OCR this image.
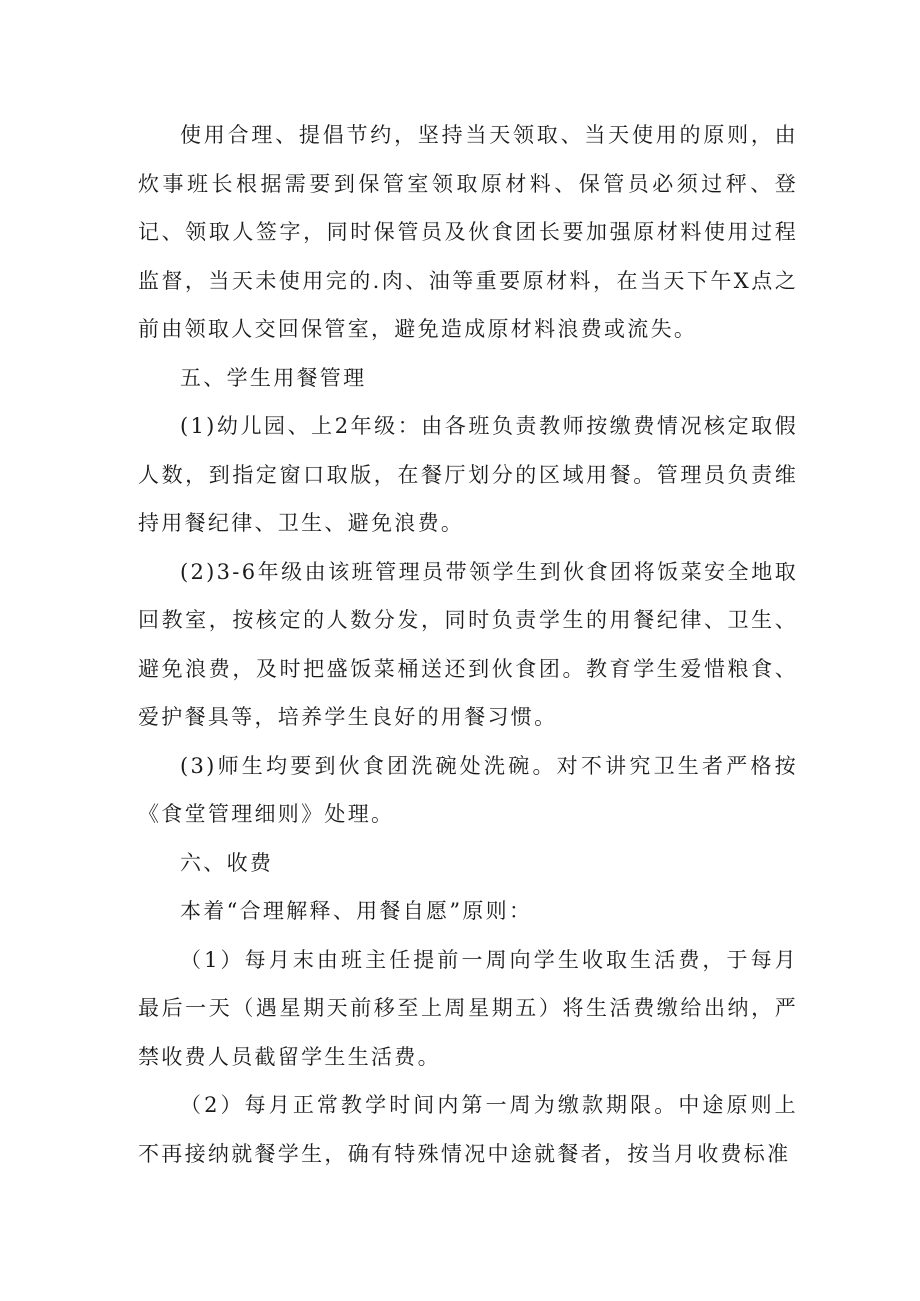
使用合理、提倡节约，坚持当天领取、当天使用的原则，由炊事班长根据需要到保管室领取原材料、保管员必须过秤、登记、领取人签字，同时保管员及伙食团长要加强原材料使用过程监督，当天未使用完的.肉、油等重要原材料，在当天下午X点之前由领取人交回保管室，避免造成原材料浪费或流失。

五、学生用餐管理

(1)幼儿园、上2年级：由各班负责教师按缴费情况核定取假人数，到指定窗口取版，在餐厅划分的区域用餐。管理员负责维持用餐纪律、卫生、避免浪费。

(2)3-6年级由该班管理员带领学生到伙食团将饭菜安全地取回教室，按核定的人数分发，同时负责学生的用餐纪律、卫生、避免浪费，及时把盛饭菜桶送还到伙食团。教育学生爱惜粮食、爱护餐具等，培养学生良好的用餐习惯。

(3)师生均要到伙食团洗碗处洗碗。对不讲究卫生者严格按《食堂管理细则》处理。

六、收费

本着“合理解释、用餐自愿”原则：

（1）每月末由班主任提前一周向学生收取生活费，于每月最后一天（遇星期天前移至上周星期五）将生活费缴给出纳，严禁收费人员截留学生生活费。

（2）每月正常教学时间内第一周为缴款期限。中途原则上不再接纳就餐学生，确有特殊情况中途就餐者，按当月收费标准
